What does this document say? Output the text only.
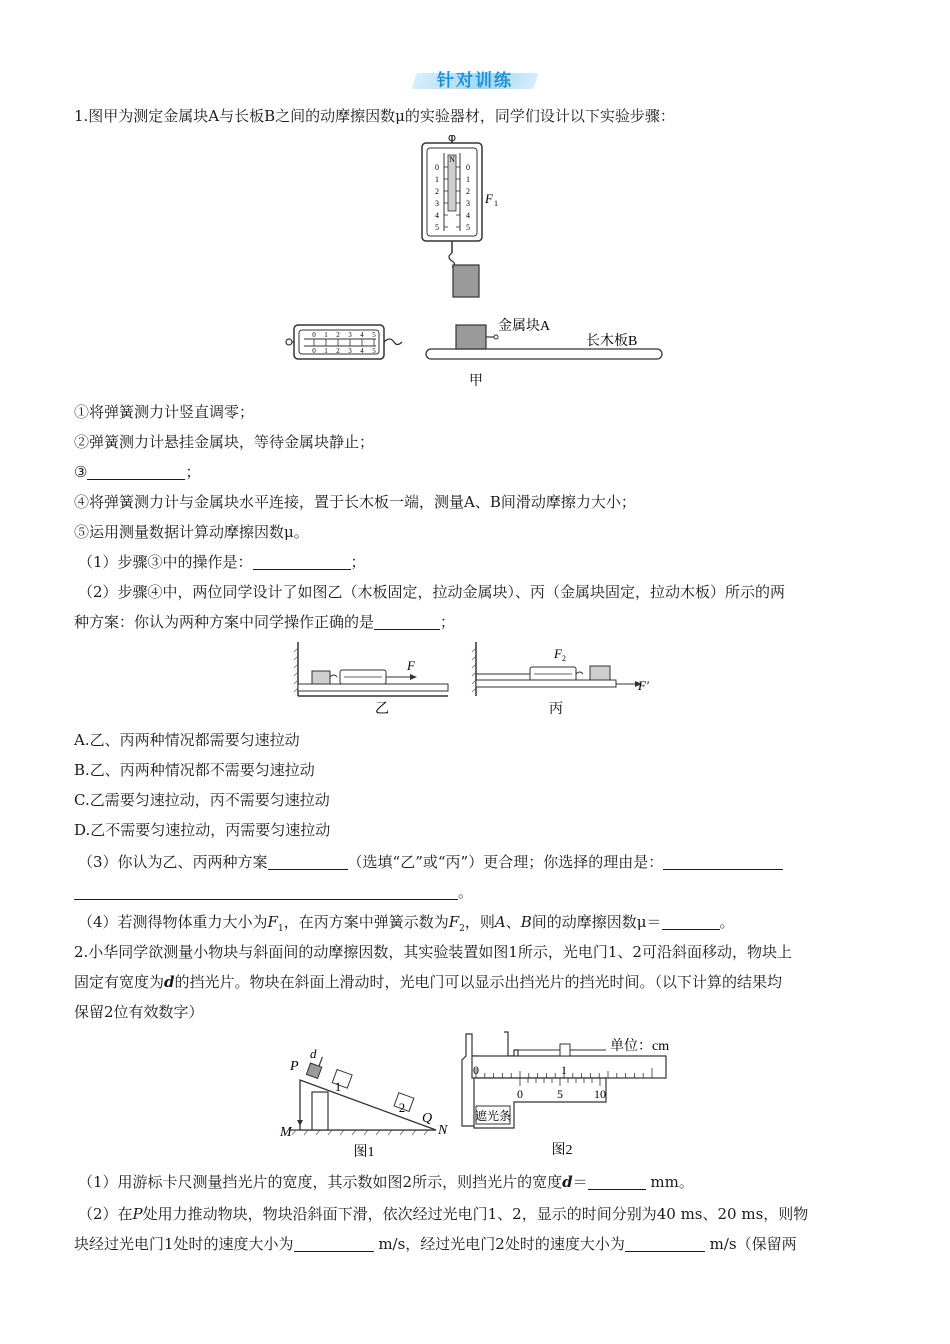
针对训练
1.图甲为测定金属块A与长板B之间的动摩擦因数μ的实验器材，同学们设计以下实验步骤：
N
0	0
1	1
2	2
3	3
4	4
5	5
F 1
0
0
1
1
2
2
3
3
4
4
5
5
金属块A
长木板B
甲
①将弹簧测力计竖直调零；
②弹簧测力计悬挂金属块，等待金属块静止；
③	；
④将弹簧测力计与金属块水平连接，置于长木板一端，测量A、B间滑动摩擦力大小；
⑤运用测量数据计算动摩擦因数μ。
（1）步骤③中的操作是：	；
（2）步骤④中，两位同学设计了如图乙（木板固定，拉动金属块）、丙（金属块固定，拉动木板）所示的两
种方案：你认为两种方案中同学操作正确的是	；
F
乙
F 2
F′
丙
A.乙、丙两种情况都需要匀速拉动
B.乙、丙两种情况都不需要匀速拉动
C.乙需要匀速拉动，丙不需要匀速拉动
D.乙不需要匀速拉动，丙需要匀速拉动
（3）你认为乙、丙两种方案	（选填“乙”或“丙”）更合理；你选择的理由是：
。
（4）若测得物体重力大小为$F_1$，在丙方案中弹簧示数为$F_2$，则A、B间的动摩擦因数μ＝	。
2.小华同学欲测量小物块与斜面间的动摩擦因数，其实验装置如图1所示，光电门1、2可沿斜面移动，物块上
固定有宽度为d的挡光片。物块在斜面上滑动时，光电门可以显示出挡光片的挡光时间。（以下计算的结果均
保留2位有效数字）
P
d
1
2
M
Q
N
图1
0	1
0	5	10
遮光条
单位：cm
图2
（1）用游标卡尺测量挡光片的宽度，其示数如图2所示，则挡光片的宽度d＝	mm。
（2）在P处用力推动物块，物块沿斜面下滑，依次经过光电门1、2，显示的时间分别为40 ms、20 ms，则物
块经过光电门1处时的速度大小为	m/s，经过光电门2处时的速度大小为	m/s（保留两
